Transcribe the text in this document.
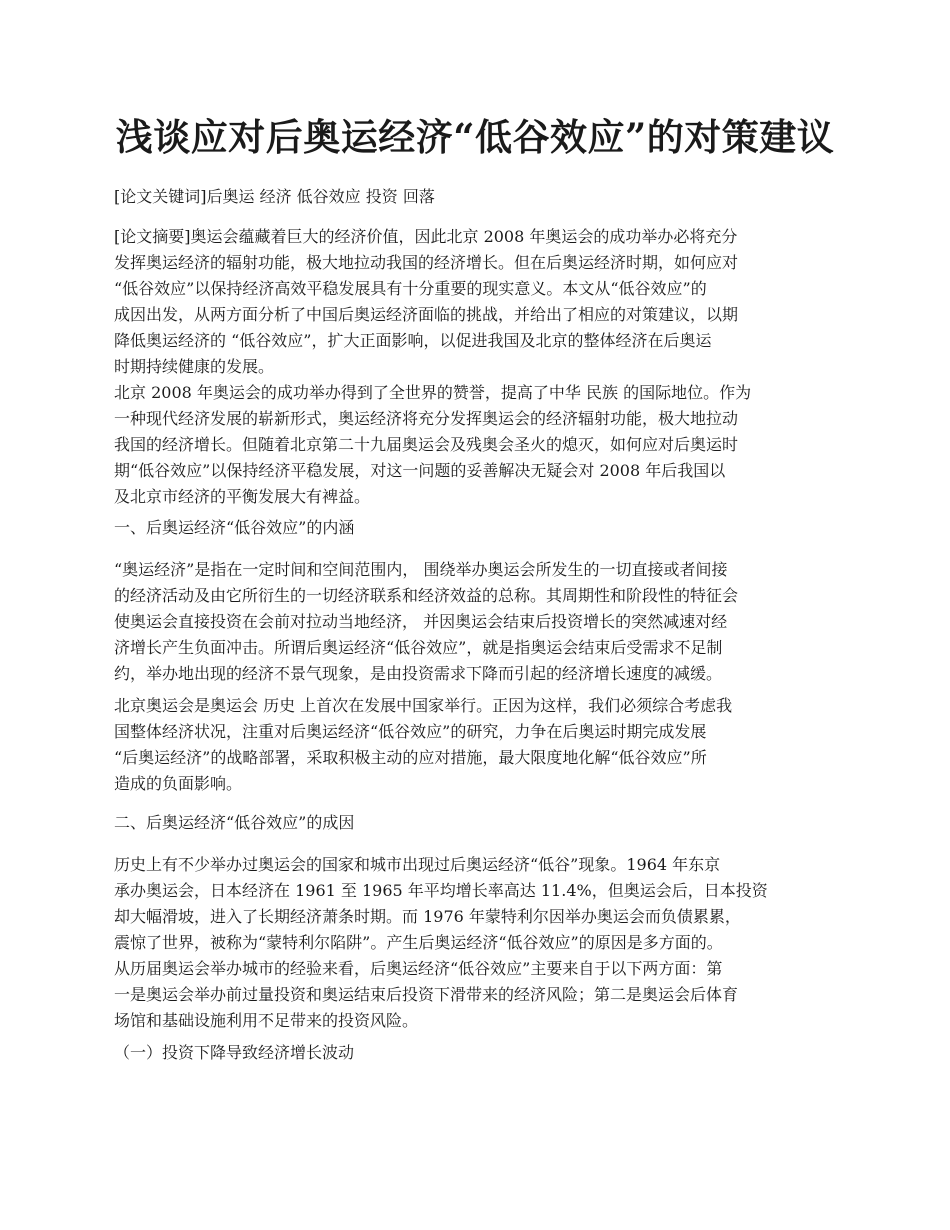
浅谈应对后奥运经济“低谷效应”的对策建议
[论文关键词]后奥运 经济 低谷效应 投资 回落
[论文摘要]奥运会蕴藏着巨大的经济价值，因此北京 2008 年奥运会的成功举办必将充分
发挥奥运经济的辐射功能，极大地拉动我国的经济增长。但在后奥运经济时期，如何应对
“低谷效应”以保持经济高效平稳发展具有十分重要的现实意义。本文从“低谷效应”的
成因出发，从两方面分析了中国后奥运经济面临的挑战，并给出了相应的对策建议，以期
降低奥运经济的 “低谷效应”，扩大正面影响，以促进我国及北京的整体经济在后奥运
时期持续健康的发展。
北京 2008 年奥运会的成功举办得到了全世界的赞誉，提高了中华 民族 的国际地位。作为
一种现代经济发展的崭新形式，奥运经济将充分发挥奥运会的经济辐射功能，极大地拉动
我国的经济增长。但随着北京第二十九届奥运会及残奥会圣火的熄灭，如何应对后奥运时
期“低谷效应”以保持经济平稳发展，对这一问题的妥善解决无疑会对 2008 年后我国以
及北京市经济的平衡发展大有裨益。
一、后奥运经济“低谷效应”的内涵
“奥运经济”是指在一定时间和空间范围内， 围绕举办奥运会所发生的一切直接或者间接
的经济活动及由它所衍生的一切经济联系和经济效益的总称。其周期性和阶段性的特征会
使奥运会直接投资在会前对拉动当地经济， 并因奥运会结束后投资增长的突然减速对经
济增长产生负面冲击。所谓后奥运经济“低谷效应”，就是指奥运会结束后受需求不足制
约，举办地出现的经济不景气现象，是由投资需求下降而引起的经济增长速度的减缓。
北京奥运会是奥运会 历史 上首次在发展中国家举行。正因为这样，我们必须综合考虑我
国整体经济状况，注重对后奥运经济“低谷效应”的研究，力争在后奥运时期完成发展
“后奥运经济”的战略部署，采取积极主动的应对措施，最大限度地化解“低谷效应”所
造成的负面影响。
二、后奥运经济“低谷效应”的成因
历史上有不少举办过奥运会的国家和城市出现过后奥运经济“低谷”现象。1964 年东京
承办奥运会，日本经济在 1961 至 1965 年平均增长率高达 11.4%，但奥运会后，日本投资
却大幅滑坡，进入了长期经济萧条时期。而 1976 年蒙特利尔因举办奥运会而负债累累，
震惊了世界，被称为“蒙特利尔陷阱”。产生后奥运经济“低谷效应”的原因是多方面的。
从历届奥运会举办城市的经验来看，后奥运经济“低谷效应”主要来自于以下两方面：第
一是奥运会举办前过量投资和奥运结束后投资下滑带来的经济风险；第二是奥运会后体育
场馆和基础设施利用不足带来的投资风险。
（一）投资下降导致经济增长波动
